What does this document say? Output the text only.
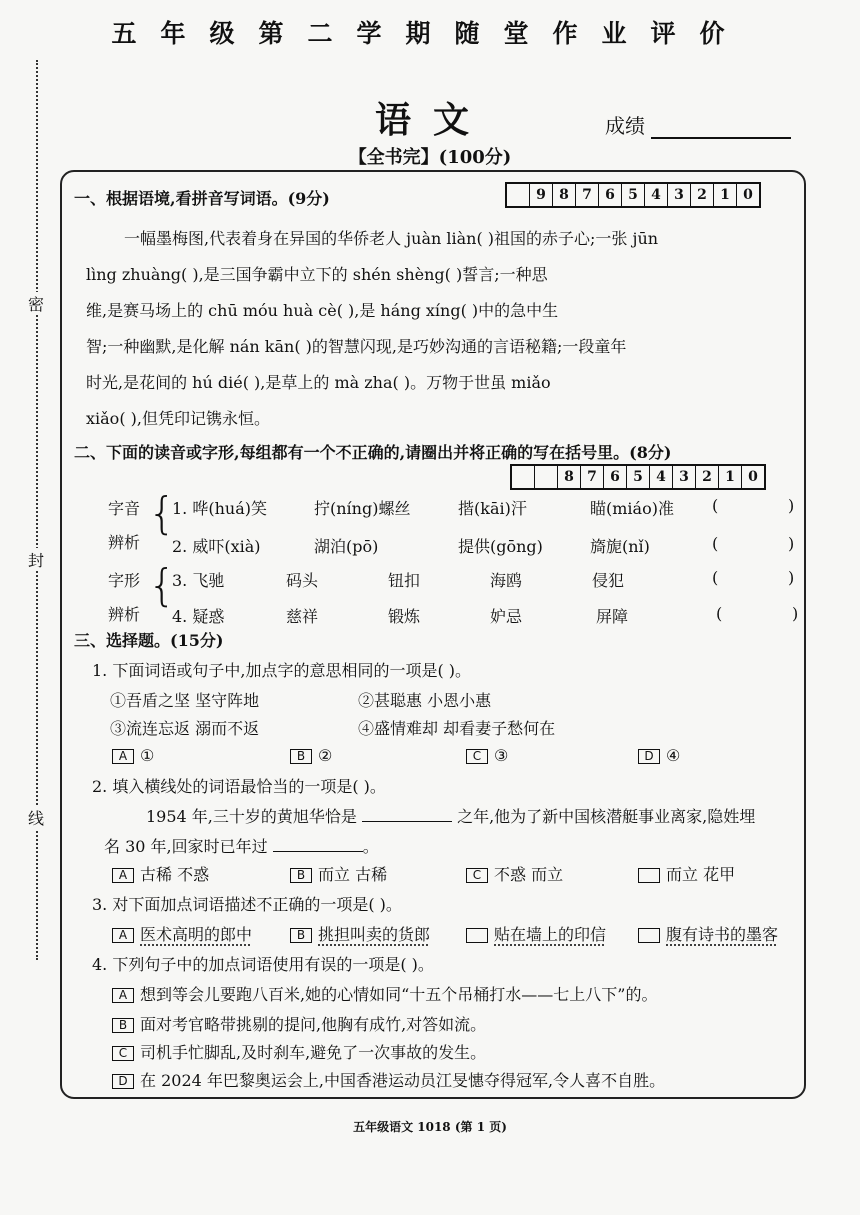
五年级第二学期随堂作业评价
语文	成绩
【全书完】(100分)
密
封
线
一、根据语境,看拼音写词语。(9分)	9 8 7 6 5 4 3 2 1 0
一幅墨梅图,代表着身在异国的华侨老人 juàn liàn( )祖国的赤子心;一张 jūn
lìng zhuàng( ),是三国争霸中立下的 shén shèng( )誓言;一种思
维,是赛马场上的 chū móu huà cè( ),是 háng xíng( )中的急中生
智;一种幽默,是化解 nán kān( )的智慧闪现,是巧妙沟通的言语秘籍;一段童年
时光,是花间的 hú dié( ),是草上的 mà zha( )。万物于世虽 miǎo
xiǎo( ),但凭印记镌永恒。
二、下面的读音或字形,每组都有一个不正确的,请圈出并将正确的写在括号里。(8分)
8 7 6 5 4 3 2 1 0
字音
辨析
{
字形
辨析
{
1. 哗(huá)笑	拧(níng)螺丝	揩(kāi)汗	瞄(miáo)准 (	)
2. 威吓(xià)	湖泊(pō)	提供(gōng)	旖旎(nǐ)	(	)
3. 飞驰	码头	钮扣	海鸥	侵犯	(	)
4. 疑惑	慈祥	锻炼	妒忌	屏障	(	)
三、选择题。(15分)
1. 下面词语或句子中,加点字的意思相同的一项是( )。
①吾盾之坚 坚守阵地	②甚聪惠 小恩小惠
③流连忘返 溺而不返	④盛情难却 却看妻子愁何在
A ①	B ②	C ③	D ④
2. 填入横线处的词语最恰当的一项是( )。
1954 年,三十岁的黄旭华恰是	之年,他为了新中国核潜艇事业离家,隐姓埋
名 30 年,回家时已年过	。
A 古稀 不惑	B 而立 古稀	C 不惑 而立	而立 花甲
3. 对下面加点词语描述不正确的一项是( )。
A 医术高明的郎中	B 挑担叫卖的货郎	贴在墙上的印信	腹有诗书的墨客
4. 下列句子中的加点词语使用有误的一项是( )。
A 想到等会儿要跑八百米,她的心情如同“十五个吊桶打水——七上八下”的。
B 面对考官略带挑剔的提问,他胸有成竹,对答如流。
C 司机手忙脚乱,及时刹车,避免了一次事故的发生。
D 在 2024 年巴黎奥运会上,中国香港运动员江旻憓夺得冠军,令人喜不自胜。
五年级语文 1018 (第 1 页)
